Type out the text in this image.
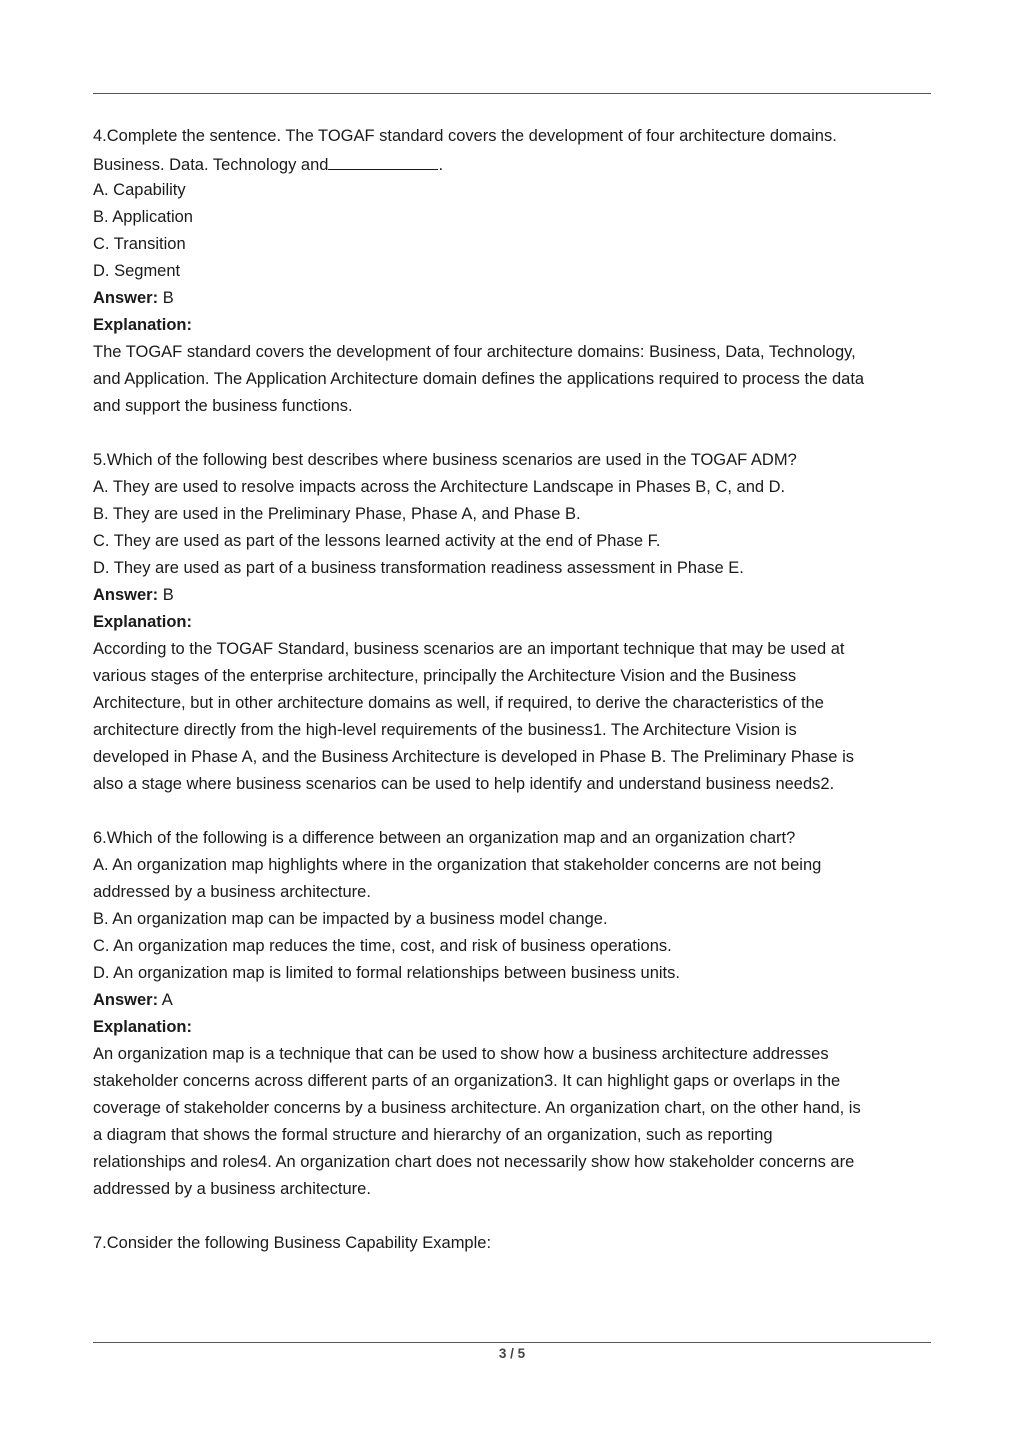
4.Complete the sentence. The TOGAF standard covers the development of four architecture domains.
Business. Data. Technology and	.
A. Capability
B. Application
C. Transition
D. Segment
Answer: B
Explanation:
The TOGAF standard covers the development of four architecture domains: Business, Data, Technology,
and Application. The Application Architecture domain defines the applications required to process the data
and support the business functions.
5.Which of the following best describes where business scenarios are used in the TOGAF ADM?
A. They are used to resolve impacts across the Architecture Landscape in Phases B, C, and D.
B. They are used in the Preliminary Phase, Phase A, and Phase B.
C. They are used as part of the lessons learned activity at the end of Phase F.
D. They are used as part of a business transformation readiness assessment in Phase E.
Answer: B
Explanation:
According to the TOGAF Standard, business scenarios are an important technique that may be used at
various stages of the enterprise architecture, principally the Architecture Vision and the Business
Architecture, but in other architecture domains as well, if required, to derive the characteristics of the
architecture directly from the high-level requirements of the business1. The Architecture Vision is
developed in Phase A, and the Business Architecture is developed in Phase B. The Preliminary Phase is
also a stage where business scenarios can be used to help identify and understand business needs2.
6.Which of the following is a difference between an organization map and an organization chart?
A. An organization map highlights where in the organization that stakeholder concerns are not being
addressed by a business architecture.
B. An organization map can be impacted by a business model change.
C. An organization map reduces the time, cost, and risk of business operations.
D. An organization map is limited to formal relationships between business units.
Answer: A
Explanation:
An organization map is a technique that can be used to show how a business architecture addresses
stakeholder concerns across different parts of an organization3. It can highlight gaps or overlaps in the
coverage of stakeholder concerns by a business architecture. An organization chart, on the other hand, is
a diagram that shows the formal structure and hierarchy of an organization, such as reporting
relationships and roles4. An organization chart does not necessarily show how stakeholder concerns are
addressed by a business architecture.
7.Consider the following Business Capability Example:
3 / 5
